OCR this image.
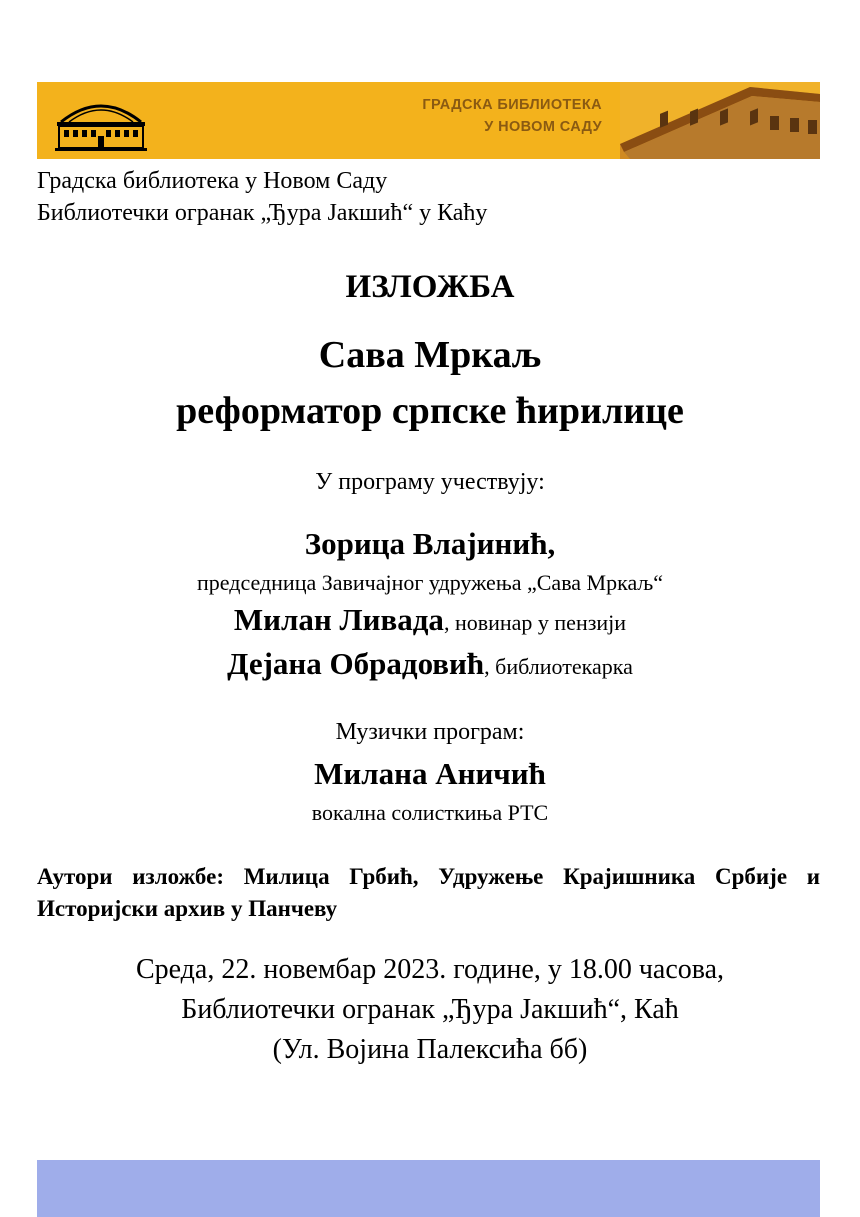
ГРАДСКА БИБЛИОТЕКА
У НОВОМ САДУ
Градска библиотека у Новом Саду
Библиотечки огранак „Ђура Јакшић“ у Каћу
ИЗЛОЖБА
Сава Мркаљ
реформатор српске ћирилице
У програму учествују:
Зорица Влајинић,
председница Завичајног удружења „Сава Мркаљ“
Милан Ливада, новинар у пензији
Дејана Обрадовић, библиотекарка
Музички програм:
Милана Аничић
вокална солисткиња РТС
Аутори изложбе: Милица Грбић, Удружење Крајишника Србије и Историјски архив у Панчеву
Среда, 22. новембар 2023. године, у 18.00 часова,
Библиотечки огранак „Ђура Јакшић“, Каћ
(Ул. Војина Палексића бб)
